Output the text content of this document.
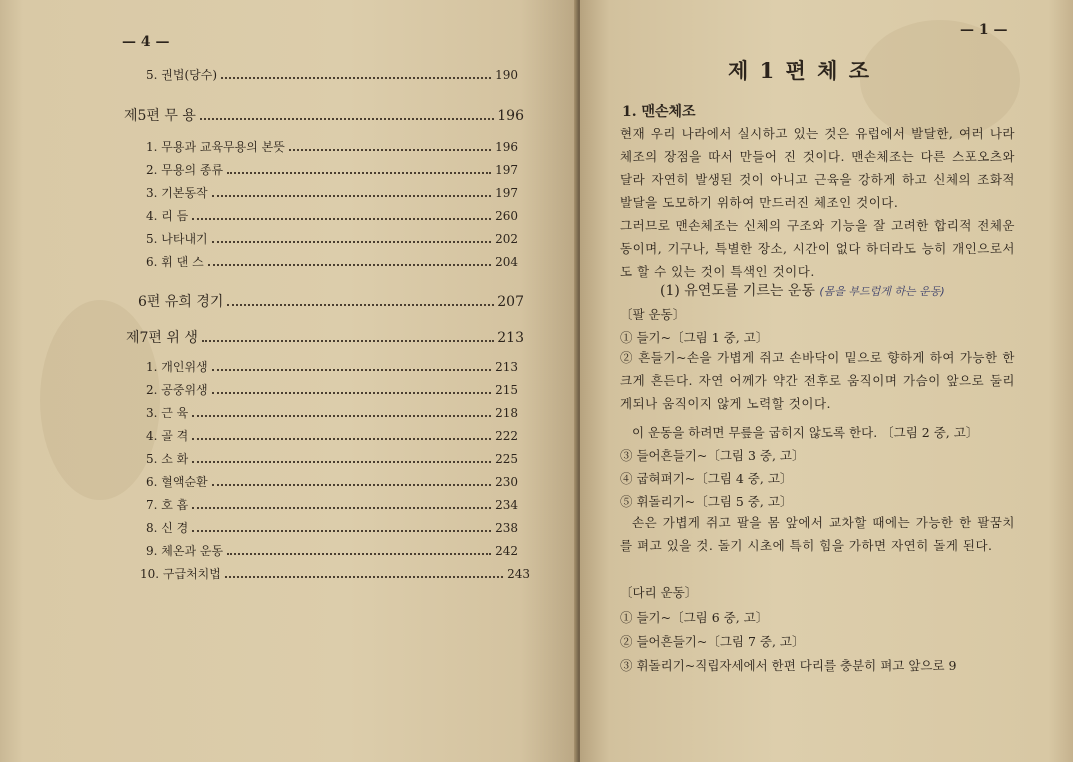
— 4 —
5. 권법(당수)	190
제5편 무 용	196
1. 무용과 교육무용의 본뜻	196
2. 무용의 종류	197
3. 기본동작	197
4. 리 듬	260
5. 나타내기	202
6. 휘 댄 스	204
6편 유희 경기	207
제7편 위 생	213
1. 개인위생	213
2. 공중위생	215
3. 근 육	218
4. 골 격	222
5. 소 화	225
6. 혈액순환	230
7. 호 흡	234
8. 신 경	238
9. 체온과 운동	242
10. 구급처치법	243
— 1 —
제 1 편 체 조
1. 맨손체조
현재 우리 나라에서 실시하고 있는 것은 유럽에서 발달한, 여러 나라 체조의 장점을 따서 만들어 진 것이다. 맨손체조는 다른 스포오츠와 달라 자연히 발생된 것이 아니고 근육을 강하게 하고 신체의 조화적 발달을 도모하기 위하여 만드러진 체조인 것이다.
그러므로 맨손체조는 신체의 구조와 기능을 잘 고려한 합리적 전체운동이며, 기구나, 특별한 장소, 시간이 없다 하더라도 능히 개인으로서도 할 수 있는 것이 특색인 것이다.
(1) 유연도를 기르는 운동 (몸을 부드럽게 하는 운동)
〔팔 운동〕
① 들기~〔그림 1 중, 고〕
② 흔들기~손을 가볍게 쥐고 손바닥이 밑으로 향하게 하여 가능한 한 크게 흔든다. 자연 어께가 약간 전후로 움직이며 가슴이 앞으로 둘리게되나 움직이지 않게 노력할 것이다.
이 운동을 하려면 무릎을 굽히지 않도록 한다. 〔그림 2 중, 고〕
③ 들어흔들기~〔그림 3 중, 고〕
④ 굽혀펴기~〔그림 4 중, 고〕
⑤ 휘돌리기~〔그림 5 중, 고〕
손은 가볍게 쥐고 팔을 몸 앞에서 교차할 때에는 가능한 한 팔꿈치를 펴고 있을 것. 돌기 시초에 특히 힘을 가하면 자연히 돌게 된다.
〔다리 운동〕
① 들기~〔그림 6 중, 고〕
② 들어흔들기~〔그림 7 중, 고〕
③ 휘돌리기~직립자세에서 한편 다리를 충분히 펴고 앞으로 9
